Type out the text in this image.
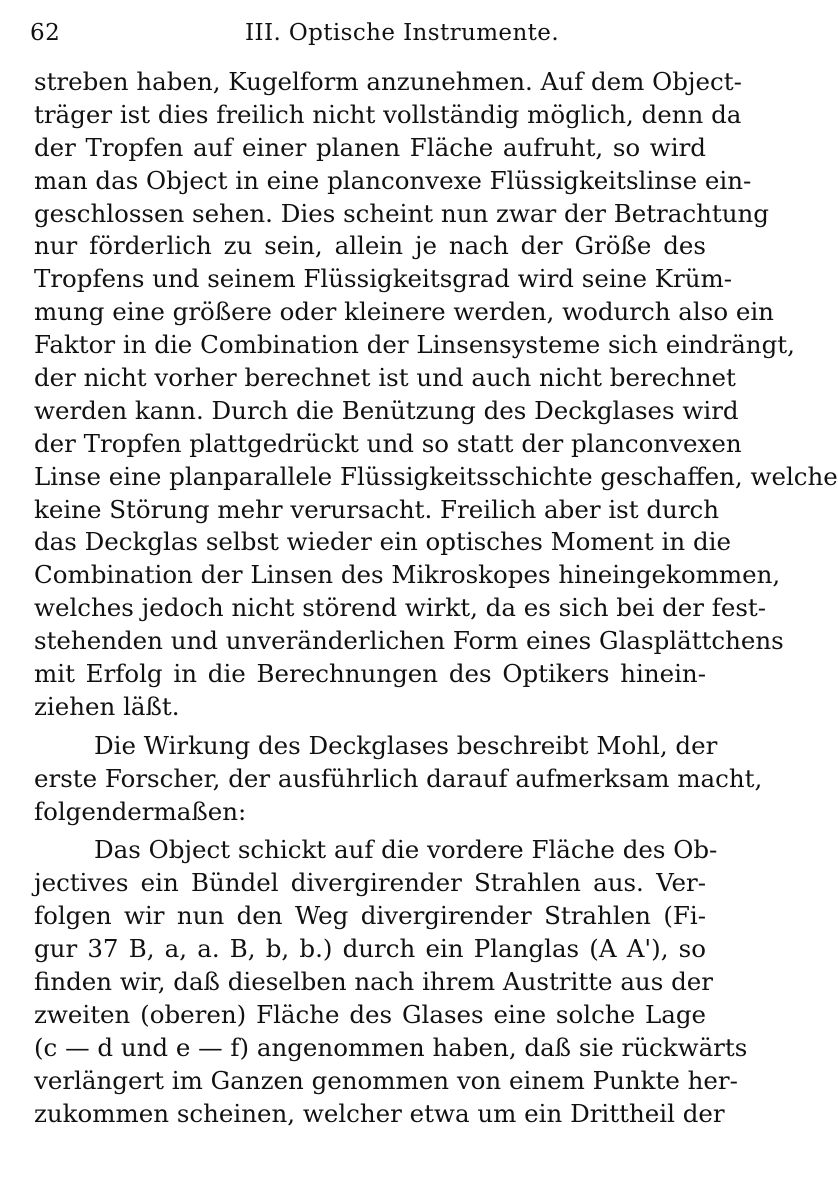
62	III. Optische Instrumente.
streben haben, Kugelform anzunehmen. Auf dem Object-
träger ist dies freilich nicht vollständig möglich, denn da
der Tropfen auf einer planen Fläche aufruht, so wird
man das Object in eine planconvexe Flüssigkeitslinse ein-
geschlossen sehen. Dies scheint nun zwar der Betrachtung
nur förderlich zu sein, allein je nach der Größe des
Tropfens und seinem Flüssigkeitsgrad wird seine Krüm-
mung eine größere oder kleinere werden, wodurch also ein
Faktor in die Combination der Linsensysteme sich eindrängt,
der nicht vorher berechnet ist und auch nicht berechnet
werden kann. Durch die Benützung des Deckglases wird
der Tropfen plattgedrückt und so statt der planconvexen
Linse eine planparallele Flüssigkeitsschichte geschaffen, welche
keine Störung mehr verursacht. Freilich aber ist durch
das Deckglas selbst wieder ein optisches Moment in die
Combination der Linsen des Mikroskopes hineingekommen,
welches jedoch nicht störend wirkt, da es sich bei der fest-
stehenden und unveränderlichen Form eines Glasplättchens
mit Erfolg in die Berechnungen des Optikers hinein-
ziehen läßt.
Die Wirkung des Deckglases beschreibt Mohl, der
erste Forscher, der ausführlich darauf aufmerksam macht,
folgendermaßen:
Das Object schickt auf die vordere Fläche des Ob-
jectives ein Bündel divergirender Strahlen aus. Ver-
folgen wir nun den Weg divergirender Strahlen (Fi-
gur 37 B, a, a. B, b, b.) durch ein Planglas (A A'), so
finden wir, daß dieselben nach ihrem Austritte aus der
zweiten (oberen) Fläche des Glases eine solche Lage
(c — d und e — f) angenommen haben, daß sie rückwärts
verlängert im Ganzen genommen von einem Punkte her-
zukommen scheinen, welcher etwa um ein Drittheil der
